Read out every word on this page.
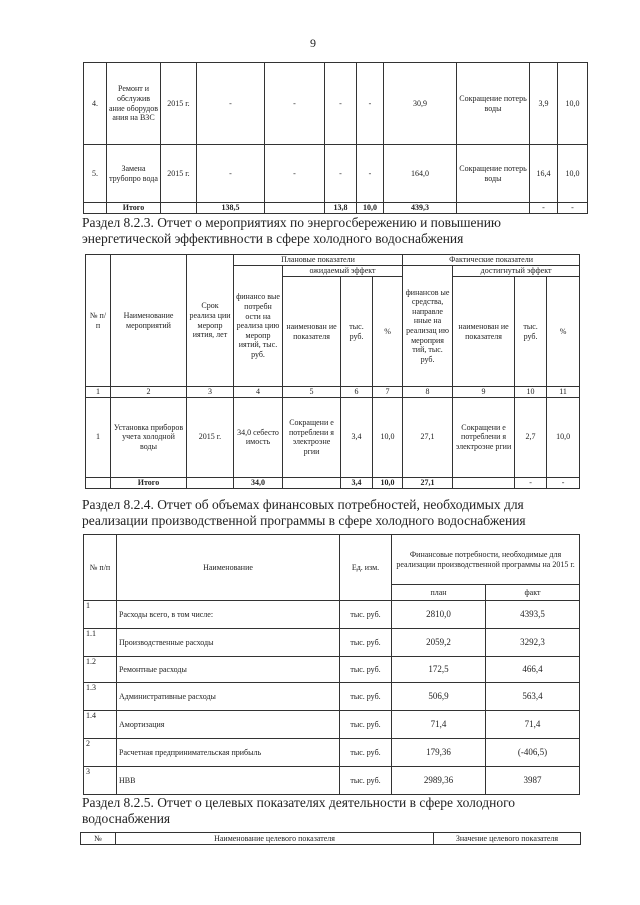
9
4.	Ремонт и обслужив ание оборудов ания на ВЗС	2015 г.	-	-	-	-	30,9	Сокращение потерь воды	3,9	10,0
5.	Замена трубопро вода	2015 г.	-	-	-	-	164,0	Сокращение потерь воды	16,4	10,0
	Итого		138,5		13,8	10,0	439,3		-	-

Раздел 8.2.3. Отчет о мероприятиях по энергосбережению и повышению энергетической эффективности в сфере холодного водоснабжения

№ п/п	Наименование мероприятий	Срок реализа ции меропр иятия, лет	Плановые показатели				Фактические показатели			
			финансо вые потребн ости на реализа цию меропр иятий, тыс. руб.	ожидаемый эффект			финансов ые средства, направле нные на реализац ию мероприя тий, тыс. руб.	достигнутый эффект		
				наименован ие показателя	тыс. руб.	%		наименован ие показателя	тыс. руб.	%
1	2	3	4	5	6	7	8	9	10	11
1	Установка приборов учета холодной воды	2015 г.	34,0 себесто имость	Сокращени е потреблени я электроэне ргии	3,4	10,0	27,1	Сокращени е потреблени я электроэне ргии	2,7	10,0
	Итого		34,0		3,4	10,0	27,1		-	-

Раздел 8.2.4. Отчет об объемах финансовых потребностей, необходимых для реализации производственной программы в сфере холодного водоснабжения

№ п/п	Наименование	Ед. изм.	Финансовые потребности, необходимые для реализации производственной программы на 2015 г.	
			план	факт
1	Расходы всего, в том числе:	тыс. руб.	2810,0	4393,5
1.1	Производственные расходы	тыс. руб.	2059,2	3292,3
1.2	Ремонтные расходы	тыс. руб.	172,5	466,4
1.3	Административные расходы	тыс. руб.	506,9	563,4
1.4	Амортизация	тыс. руб.	71,4	71,4
2	Расчетная предпринимательская прибыль	тыс. руб.	179,36	(-406,5)
3	НВВ	тыс. руб.	2989,36	3987

Раздел 8.2.5. Отчет о целевых показателях деятельности в сфере холодного водоснабжения

№	Наименование целевого показателя	Значение целевого показателя
